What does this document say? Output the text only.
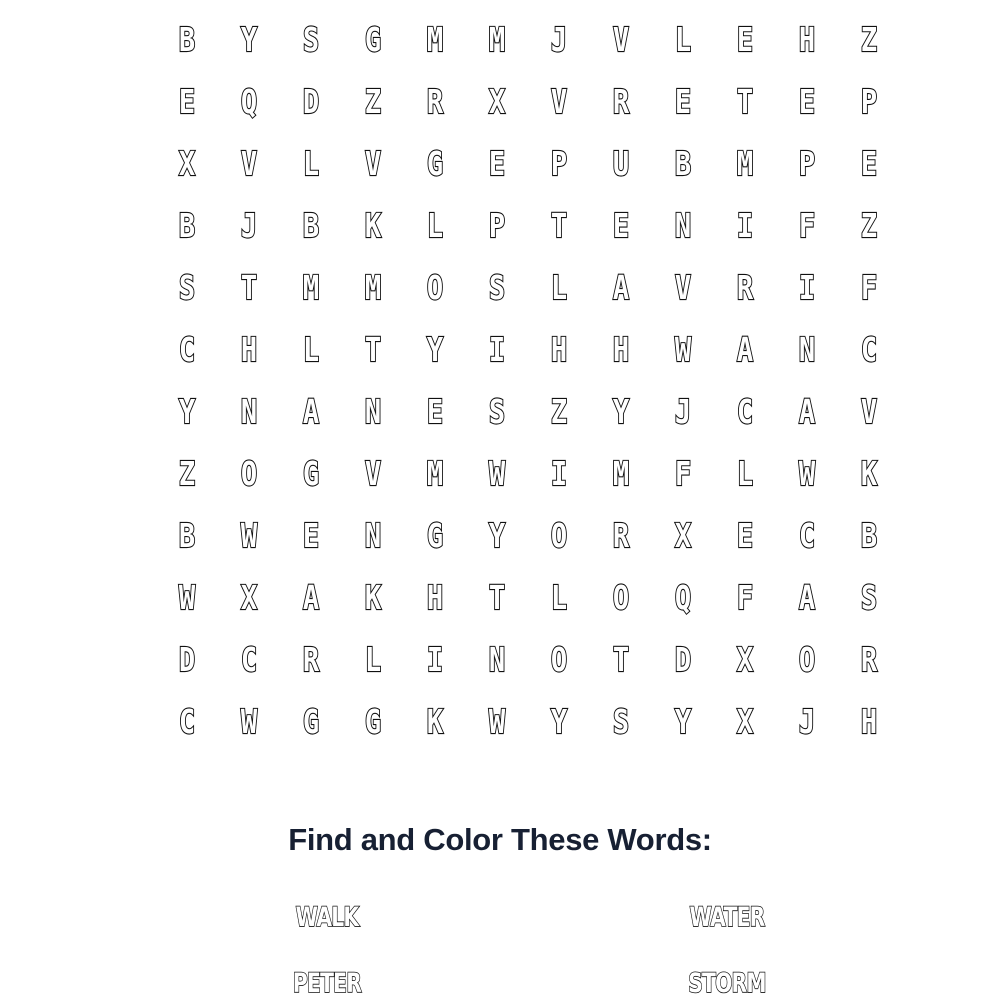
B	Y	S	G	M	M	J	V	L	E	H	Z
E	Q	D	Z	R	X	V	R	E	T	E	P
X	V	L	V	G	E	P	U	B	M	P	E
B	J	B	K	L	P	T	E	N	I	F	Z
S	T	M	M	O	S	L	A	V	R	I	F
C	H	L	T	Y	I	H	H	W	A	N	C
Y	N	A	N	E	S	Z	Y	J	C	A	V
Z	O	G	V	M	W	I	M	F	L	W	K
B	W	E	N	G	Y	O	R	X	E	C	B
W	X	A	K	H	T	L	O	Q	F	A	S
D	C	R	L	I	N	O	T	D	X	O	R
C	W	G	G	K	W	Y	S	Y	X	J	H
Find and Color These Words:
WALK	WATER
PETER	STORM
